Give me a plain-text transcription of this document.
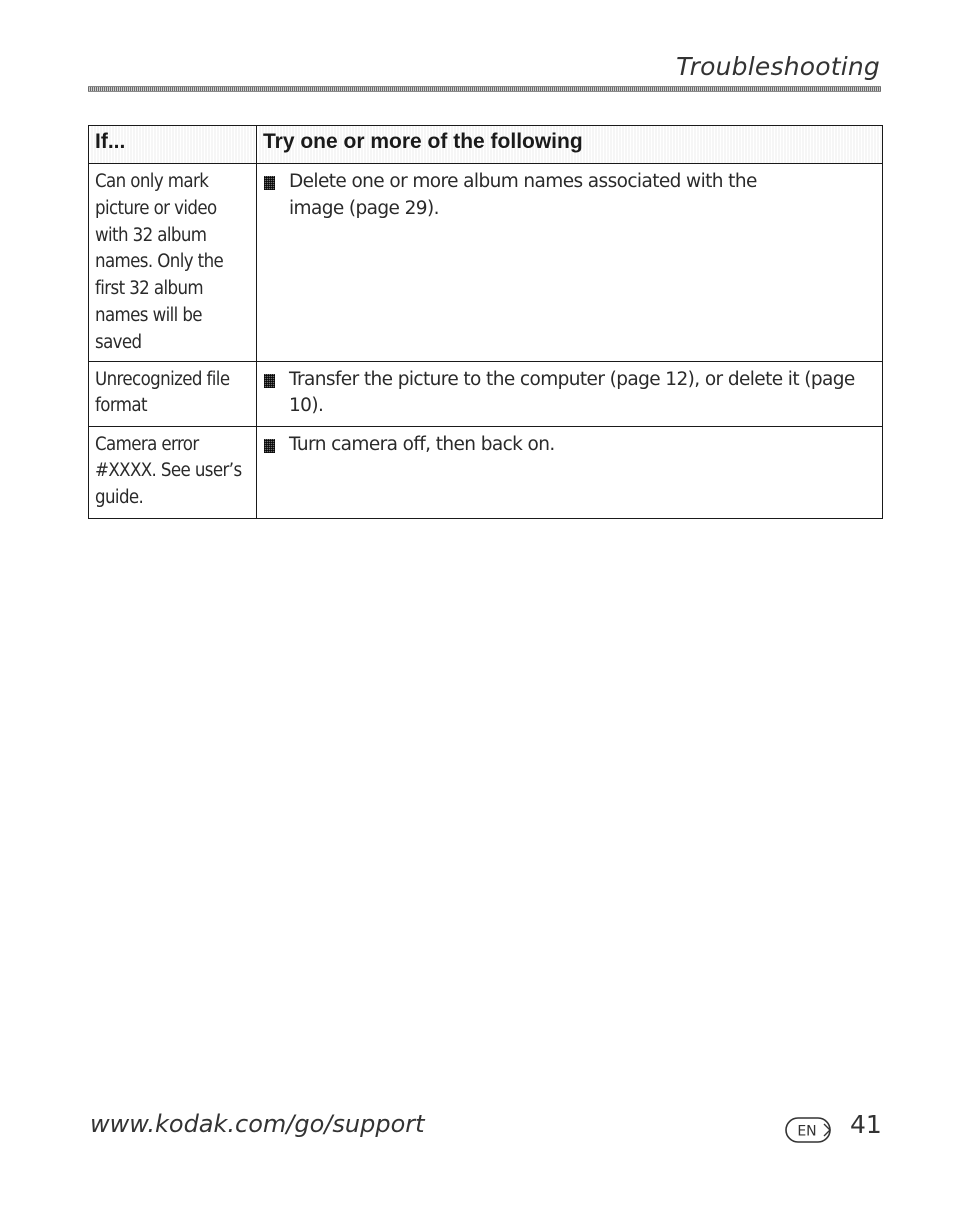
Troubleshooting
If...	Try one or more of the following

Can only mark picture or video with 32 album names. Only the first 32 album names will be saved	Delete one or more album names associated with the image (page 29).

Unrecognized file format	Transfer the picture to the computer (page 12), or delete it (page 10).

Camera error #XXXX. See user’s guide.	Turn camera off, then back on.
www.kodak.com/go/support	EN 41
